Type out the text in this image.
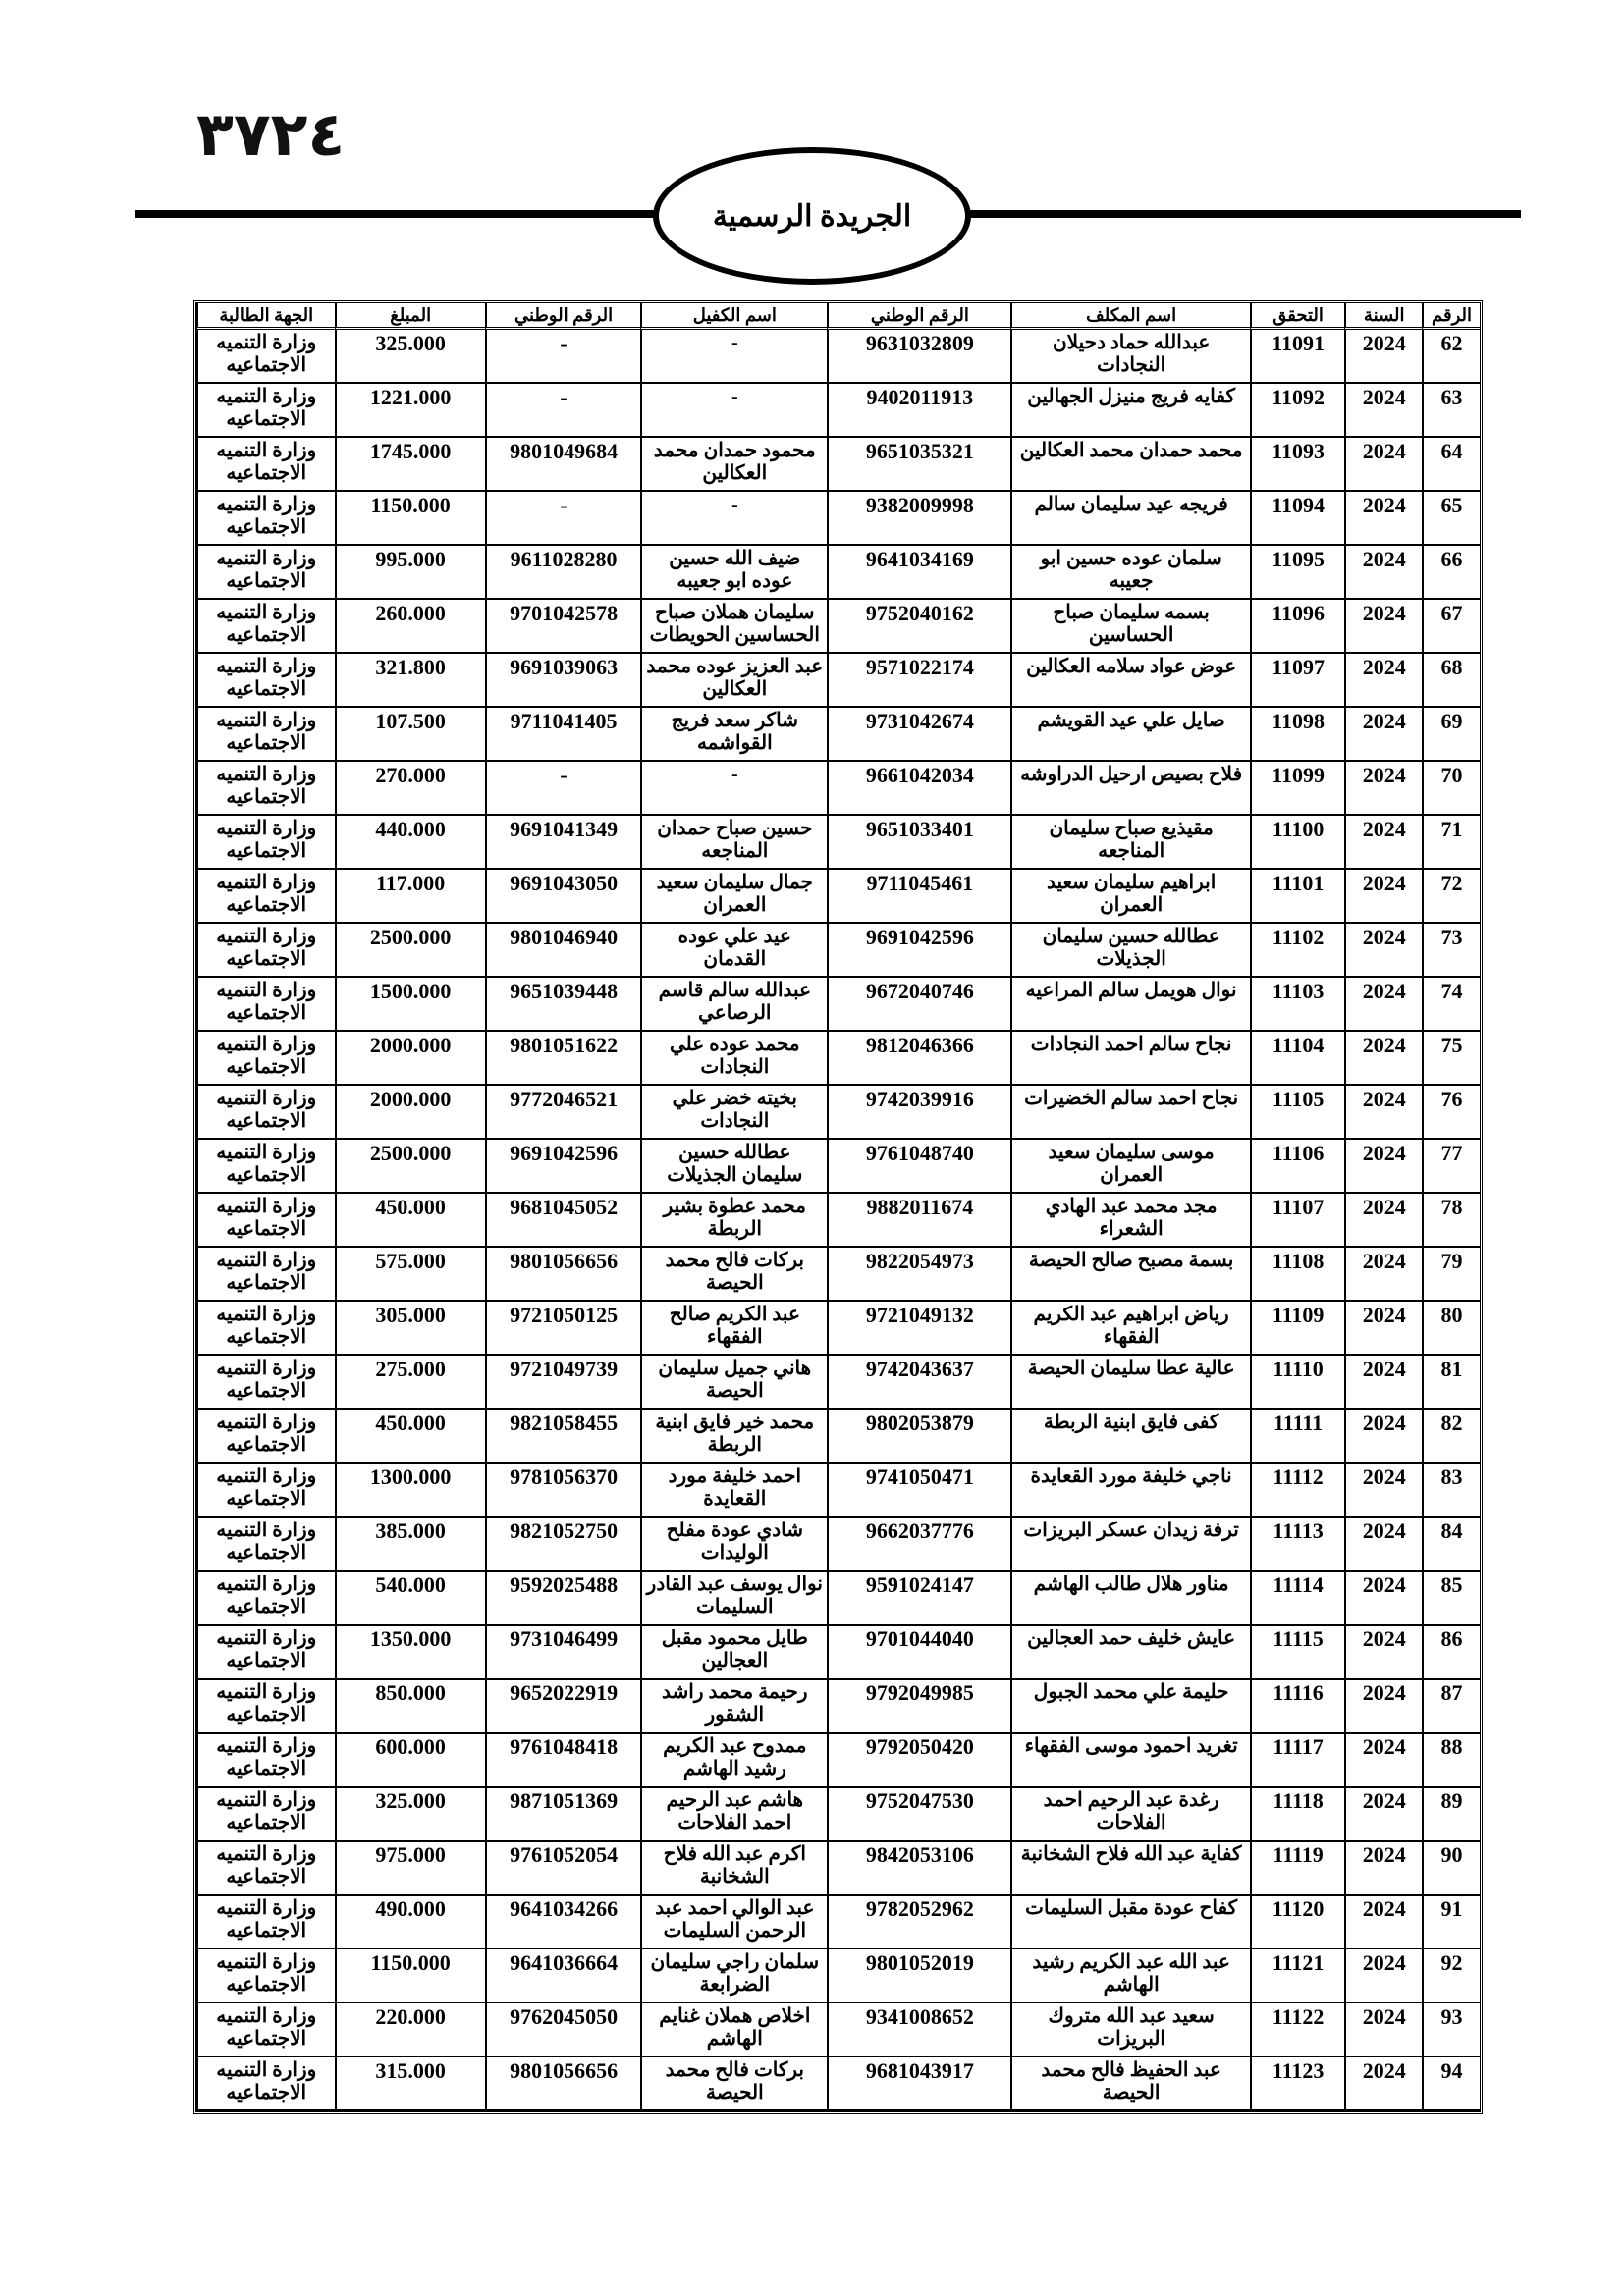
٣٧٢٤
الجريدة الرسمية
الرقم	السنة	التحقق	اسم المكلف	الرقم الوطني	اسم الكفيل	الرقم الوطني	المبلغ	الجهة الطالبة
62	2024	11091	عبدالله حماد دحيلان النجادات	9631032809	-	-	325.000	وزارة التنميه الاجتماعيه
63	2024	11092	كفايه فريج منيزل الجهالين	9402011913	-	-	1221.000	وزارة التنميه الاجتماعيه
64	2024	11093	محمد حمدان محمد العكالين	9651035321	محمود حمدان محمد العكالين	9801049684	1745.000	وزارة التنميه الاجتماعيه
65	2024	11094	فريجه عيد سليمان سالم	9382009998	-	-	1150.000	وزارة التنميه الاجتماعيه
66	2024	11095	سلمان عوده حسين ابو جعيبه	9641034169	ضيف الله حسين عوده ابو جعيبه	9611028280	995.000	وزارة التنميه الاجتماعيه
67	2024	11096	بسمه سليمان صباح الحساسين	9752040162	سليمان هملان صباح الحساسين الحويطات	9701042578	260.000	وزارة التنميه الاجتماعيه
68	2024	11097	عوض عواد سلامه العكالين	9571022174	عبد العزيز عوده محمد العكالين	9691039063	321.800	وزارة التنميه الاجتماعيه
69	2024	11098	صايل علي عيد القويشم	9731042674	شاكر سعد فريج القواشمه	9711041405	107.500	وزارة التنميه الاجتماعيه
70	2024	11099	فلاح بصيص ارحيل الدراوشه	9661042034	-	-	270.000	وزارة التنميه الاجتماعيه
71	2024	11100	مقيذيع صباح سليمان المناجعه	9651033401	حسين صباح حمدان المناجعه	9691041349	440.000	وزارة التنميه الاجتماعيه
72	2024	11101	ابراهيم سليمان سعيد العمران	9711045461	جمال سليمان سعيد العمران	9691043050	117.000	وزارة التنميه الاجتماعيه
73	2024	11102	عطالله حسين سليمان الجذيلات	9691042596	عيد علي عوده القدمان	9801046940	2500.000	وزارة التنميه الاجتماعيه
74	2024	11103	نوال هويمل سالم المراعيه	9672040746	عبدالله سالم قاسم الرصاعي	9651039448	1500.000	وزارة التنميه الاجتماعيه
75	2024	11104	نجاح سالم احمد النجادات	9812046366	محمد عوده علي النجادات	9801051622	2000.000	وزارة التنميه الاجتماعيه
76	2024	11105	نجاح احمد سالم الخضيرات	9742039916	بخيته خضر علي النجادات	9772046521	2000.000	وزارة التنميه الاجتماعيه
77	2024	11106	موسى سليمان سعيد العمران	9761048740	عطالله حسين سليمان الجذيلات	9691042596	2500.000	وزارة التنميه الاجتماعيه
78	2024	11107	مجد محمد عبد الهادي الشعراء	9882011674	محمد عطوة بشير الربطة	9681045052	450.000	وزارة التنميه الاجتماعيه
79	2024	11108	بسمة مصبح صالح الحيصة	9822054973	بركات فالح محمد الحيصة	9801056656	575.000	وزارة التنميه الاجتماعيه
80	2024	11109	رياض ابراهيم عبد الكريم الفقهاء	9721049132	عبد الكريم صالح الفقهاء	9721050125	305.000	وزارة التنميه الاجتماعيه
81	2024	11110	عالية عطا سليمان الحيصة	9742043637	هاني جميل سليمان الحيصة	9721049739	275.000	وزارة التنميه الاجتماعيه
82	2024	11111	كفى فايق ابنية الربطة	9802053879	محمد خير فايق ابنية الربطة	9821058455	450.000	وزارة التنميه الاجتماعيه
83	2024	11112	ناجي خليفة مورد القعايدة	9741050471	احمد خليفة مورد القعايدة	9781056370	1300.000	وزارة التنميه الاجتماعيه
84	2024	11113	ترفة زيدان عسكر البريزات	9662037776	شادي عودة مفلح الوليدات	9821052750	385.000	وزارة التنميه الاجتماعيه
85	2024	11114	مناور هلال طالب الهاشم	9591024147	نوال يوسف عبد القادر السليمات	9592025488	540.000	وزارة التنميه الاجتماعيه
86	2024	11115	عايش خليف حمد العجالين	9701044040	طايل محمود مقبل العجالين	9731046499	1350.000	وزارة التنميه الاجتماعيه
87	2024	11116	حليمة علي محمد الجبول	9792049985	رحيمة محمد راشد الشقور	9652022919	850.000	وزارة التنميه الاجتماعيه
88	2024	11117	تغريد احمود موسى الفقهاء	9792050420	ممدوح عبد الكريم رشيد الهاشم	9761048418	600.000	وزارة التنميه الاجتماعيه
89	2024	11118	رغدة عبد الرحيم احمد الفلاحات	9752047530	هاشم عبد الرحيم احمد الفلاحات	9871051369	325.000	وزارة التنميه الاجتماعيه
90	2024	11119	كفاية عبد الله فلاح الشخانبة	9842053106	اكرم عبد الله فلاح الشخانبة	9761052054	975.000	وزارة التنميه الاجتماعيه
91	2024	11120	كفاح عودة مقبل السليمات	9782052962	عبد الوالي احمد عبد الرحمن السليمات	9641034266	490.000	وزارة التنميه الاجتماعيه
92	2024	11121	عبد الله عبد الكريم رشيد الهاشم	9801052019	سلمان راجي سليمان الضرابعة	9641036664	1150.000	وزارة التنميه الاجتماعيه
93	2024	11122	سعيد عبد الله متروك البريزات	9341008652	اخلاص هملان غنايم الهاشم	9762045050	220.000	وزارة التنميه الاجتماعيه
94	2024	11123	عبد الحفيظ فالح محمد الحيصة	9681043917	بركات فالح محمد الحيصة	9801056656	315.000	وزارة التنميه الاجتماعيه
